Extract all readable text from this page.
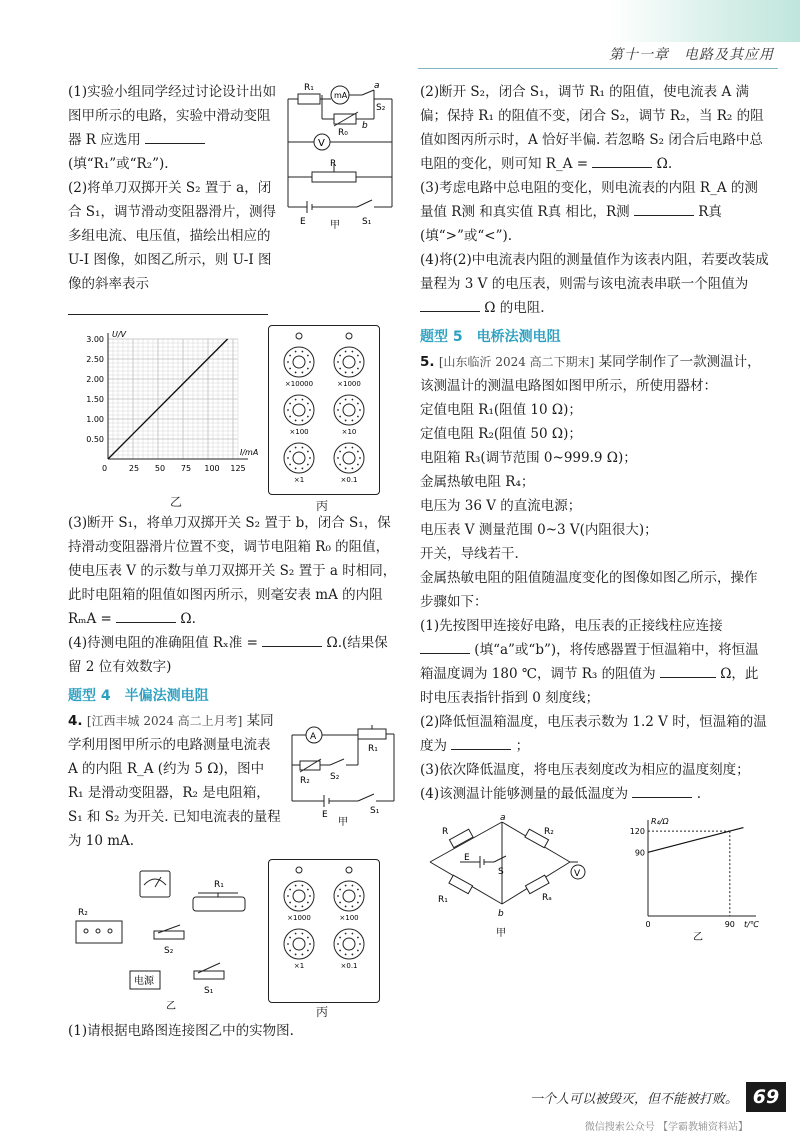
第十一章　电路及其应用

(1)实验小组同学经过讨论设计出如图甲所示的电路，实验中滑动变阻器 R 应选用  (填“R₁”或“R₂”).

R₁
mA
a
b
S₂
R₀
V
R
E	S₁
甲

(2)将单刀双掷开关 S₂ 置于 a，闭合 S₁，调节滑动变阻器滑片，测得多组电流、电压值，描绘出相应的 U-I 图像，如图乙所示，则 U-I 图像的斜率表示

0.50
1.00
1.50
2.00
2.50
3.00
25 50 75 100 125
0
I/mA
U/V
×10000	×1000
×100	×10
×1	×0.1
乙	丙

(3)断开 S₁，将单刀双掷开关 S₂ 置于 b，闭合 S₁，保持滑动变阻器滑片位置不变，调节电阻箱 R₀ 的阻值，使电压表 V 的示数与单刀双掷开关 S₂ 置于 a 时相同，此时电阻箱的阻值如图丙所示，则毫安表 mA 的内阻 RₘA =	Ω.

(4)待测电阻的准确阻值 Rₓ准 =	Ω.(结果保留 2 位有效数字)

题型 4　半偏法测电阻

4. [江西丰城 2024 高二上月考] 某同学利用图甲所示的电路测量电流表 A 的内阻 R_A (约为 5 Ω)，图中 R₁ 是滑动变阻器，R₂ 是电阻箱，S₁ 和 S₂ 为开关. 已知电流表的量程为 10 mA.

A
R₁
R₂ S₂
E	S₁
甲
R₂
R₁
S₂
电源
S₁
乙
×1000	×100
×1	×0.1
丙

(1)请根据电路图连接图乙中的实物图.

(2)断开 S₂，闭合 S₁，调节 R₁ 的阻值，使电流表 A 满偏；保持 R₁ 的阻值不变，闭合 S₂，调节 R₂，当 R₂ 的阻值如图丙所示时，A 恰好半偏. 若忽略 S₂ 闭合后电路中总电阻的变化，则可知 R_A =	Ω.

(3)考虑电路中总电阻的变化，则电流表的内阻 R_A 的测量值 R测 和真实值 R真 相比，R测	R真 (填“>”或“<”).

(4)将(2)中电流表内阻的测量值作为该表内阻，若要改装成量程为 3 V 的电压表，则需与该电流表串联一个阻值为  Ω 的电阻.

题型 5　电桥法测电阻

5. [山东临沂 2024 高二下期末] 某同学制作了一款测温计，该测温计的测温电路图如图甲所示，所使用器材：

定值电阻 R₁(阻值 10 Ω)；

定值电阻 R₂(阻值 50 Ω)；

电阻箱 R₃(调节范围 0~999.9 Ω)；

金属热敏电阻 R₄；

电压为 36 V 的直流电源；

电压表 V 测量范围 0~3 V(内阻很大)；

开关，导线若干.

金属热敏电阻的阻值随温度变化的图像如图乙所示，操作步骤如下：

(1)先按图甲连接好电路，电压表的正接线柱应连接  (填“a”或“b”)，将传感器置于恒温箱中，将恒温箱温度调为 180 ℃，调节 R₃ 的阻值为	Ω，此时电压表指针指到 0 刻度线；

(2)降低恒温箱温度，电压表示数为 1.2 V 时，恒温箱的温度为	；

(3)依次降低温度，将电压表刻度改为相应的温度刻度；

(4)该测温计能够测量的最低温度为	.

R
a
R₂
E
S	V
R₁	Rₐ
b
甲
90
120
0	90 t/℃
R₄/Ω
乙
一个人可以被毁灭，但不能被打败。 69
微信搜索公众号 【学霸教辅资料站】
